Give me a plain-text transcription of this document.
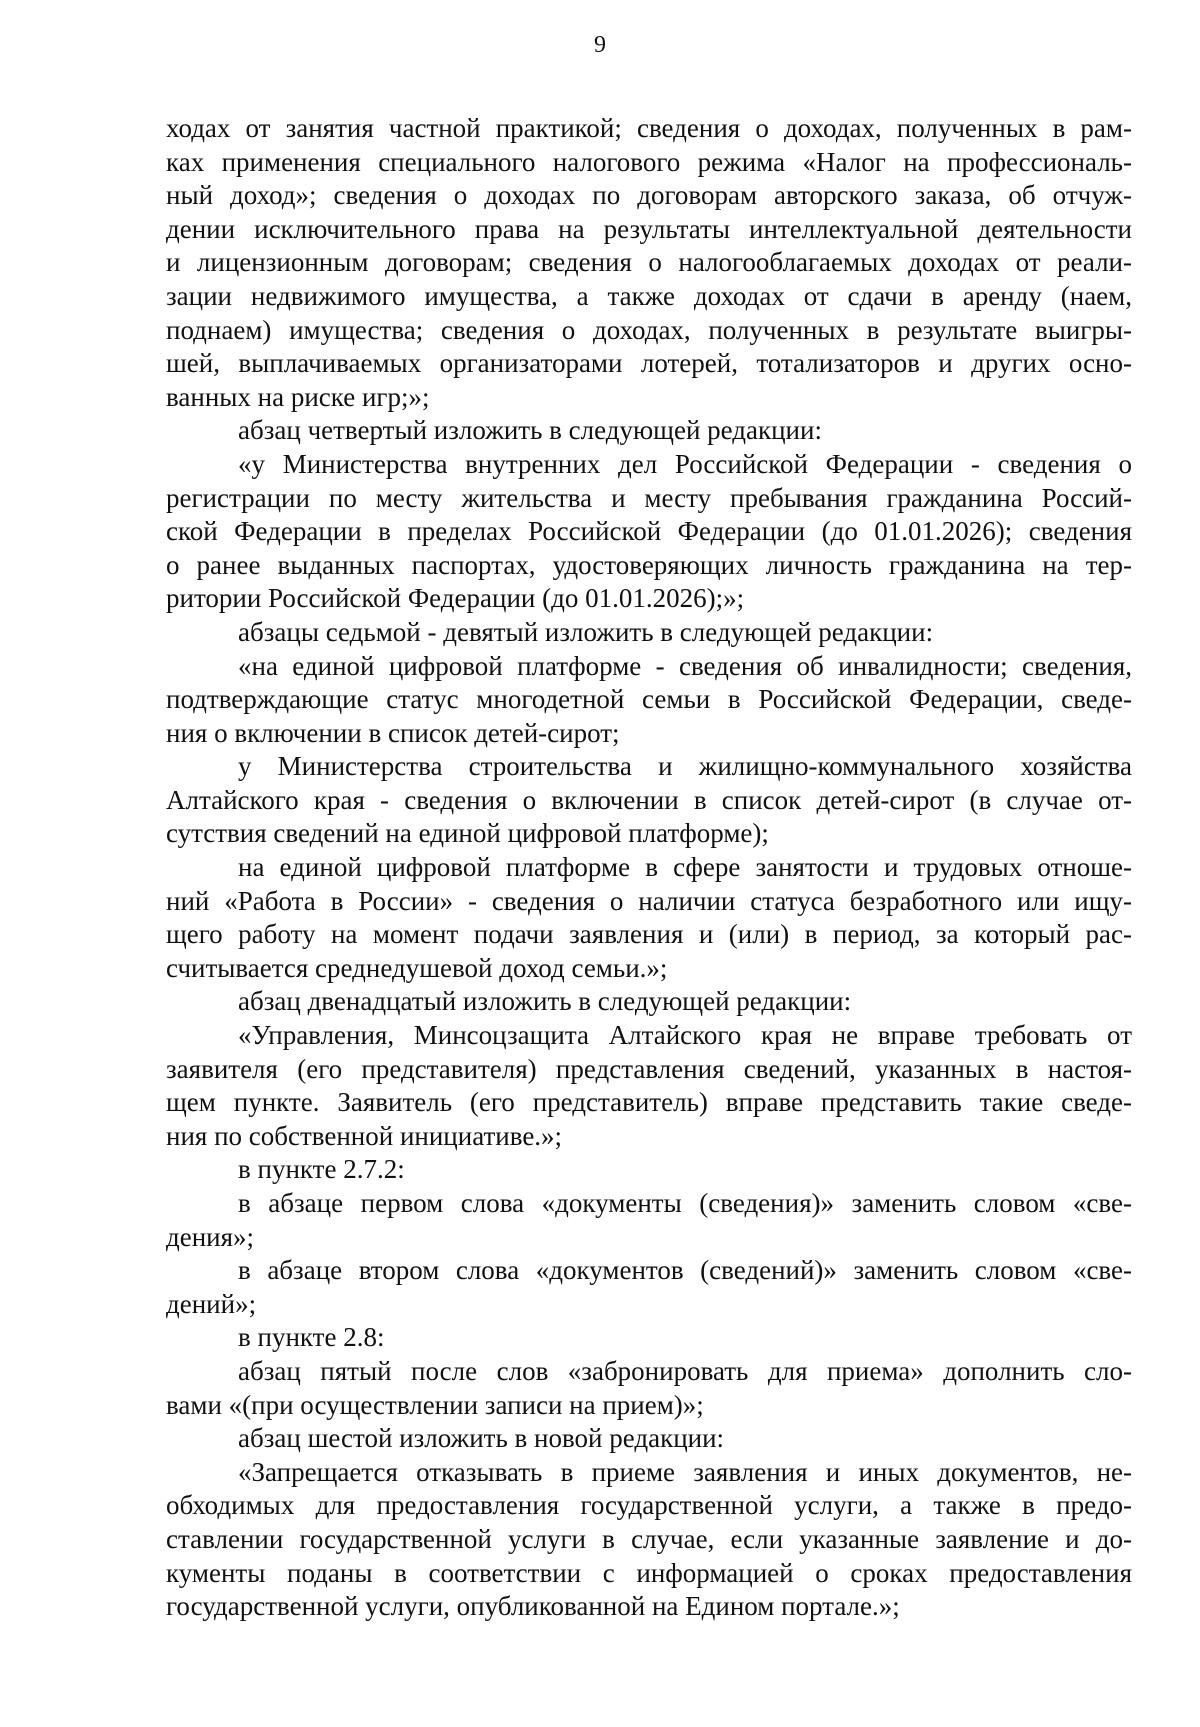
9
ходах от занятия частной практикой; сведения о доходах, полученных в рам-
ках применения специального налогового режима «Налог на профессиональ-
ный доход»; сведения о доходах по договорам авторского заказа, об отчуж-
дении исключительного права на результаты интеллектуальной деятельности
и лицензионным договорам; сведения о налогооблагаемых доходах от реали-
зации недвижимого имущества, а также доходах от сдачи в аренду (наем,
поднаем) имущества; сведения о доходах, полученных в результате выигры-
шей, выплачиваемых организаторами лотерей, тотализаторов и других осно-
ванных на риске игр;»;
абзац четвертый изложить в следующей редакции:
«у Министерства внутренних дел Российской Федерации - сведения о
регистрации по месту жительства и месту пребывания гражданина Россий-
ской Федерации в пределах Российской Федерации (до 01.01.2026); сведения
о ранее выданных паспортах, удостоверяющих личность гражданина на тер-
ритории Российской Федерации (до 01.01.2026);»;
абзацы седьмой - девятый изложить в следующей редакции:
«на единой цифровой платформе - сведения об инвалидности; сведения,
подтверждающие статус многодетной семьи в Российской Федерации, сведе-
ния о включении в список детей-сирот;
у Министерства строительства и жилищно-коммунального хозяйства
Алтайского края - сведения о включении в список детей-сирот (в случае от-
сутствия сведений на единой цифровой платформе);
на единой цифровой платформе в сфере занятости и трудовых отноше-
ний «Работа в России» - сведения о наличии статуса безработного или ищу-
щего работу на момент подачи заявления и (или) в период, за который рас-
считывается среднедушевой доход семьи.»;
абзац двенадцатый изложить в следующей редакции:
«Управления, Минсоцзащита Алтайского края не вправе требовать от
заявителя (его представителя) представления сведений, указанных в настоя-
щем пункте. Заявитель (его представитель) вправе представить такие сведе-
ния по собственной инициативе.»;
в пункте 2.7.2:
в абзаце первом слова «документы (сведения)» заменить словом «све-
дения»;
в абзаце втором слова «документов (сведений)» заменить словом «све-
дений»;
в пункте 2.8:
абзац пятый после слов «забронировать для приема» дополнить сло-
вами «(при осуществлении записи на прием)»;
абзац шестой изложить в новой редакции:
«Запрещается отказывать в приеме заявления и иных документов, не-
обходимых для предоставления государственной услуги, а также в предо-
ставлении государственной услуги в случае, если указанные заявление и до-
кументы поданы в соответствии с информацией о сроках предоставления
государственной услуги, опубликованной на Едином портале.»;
